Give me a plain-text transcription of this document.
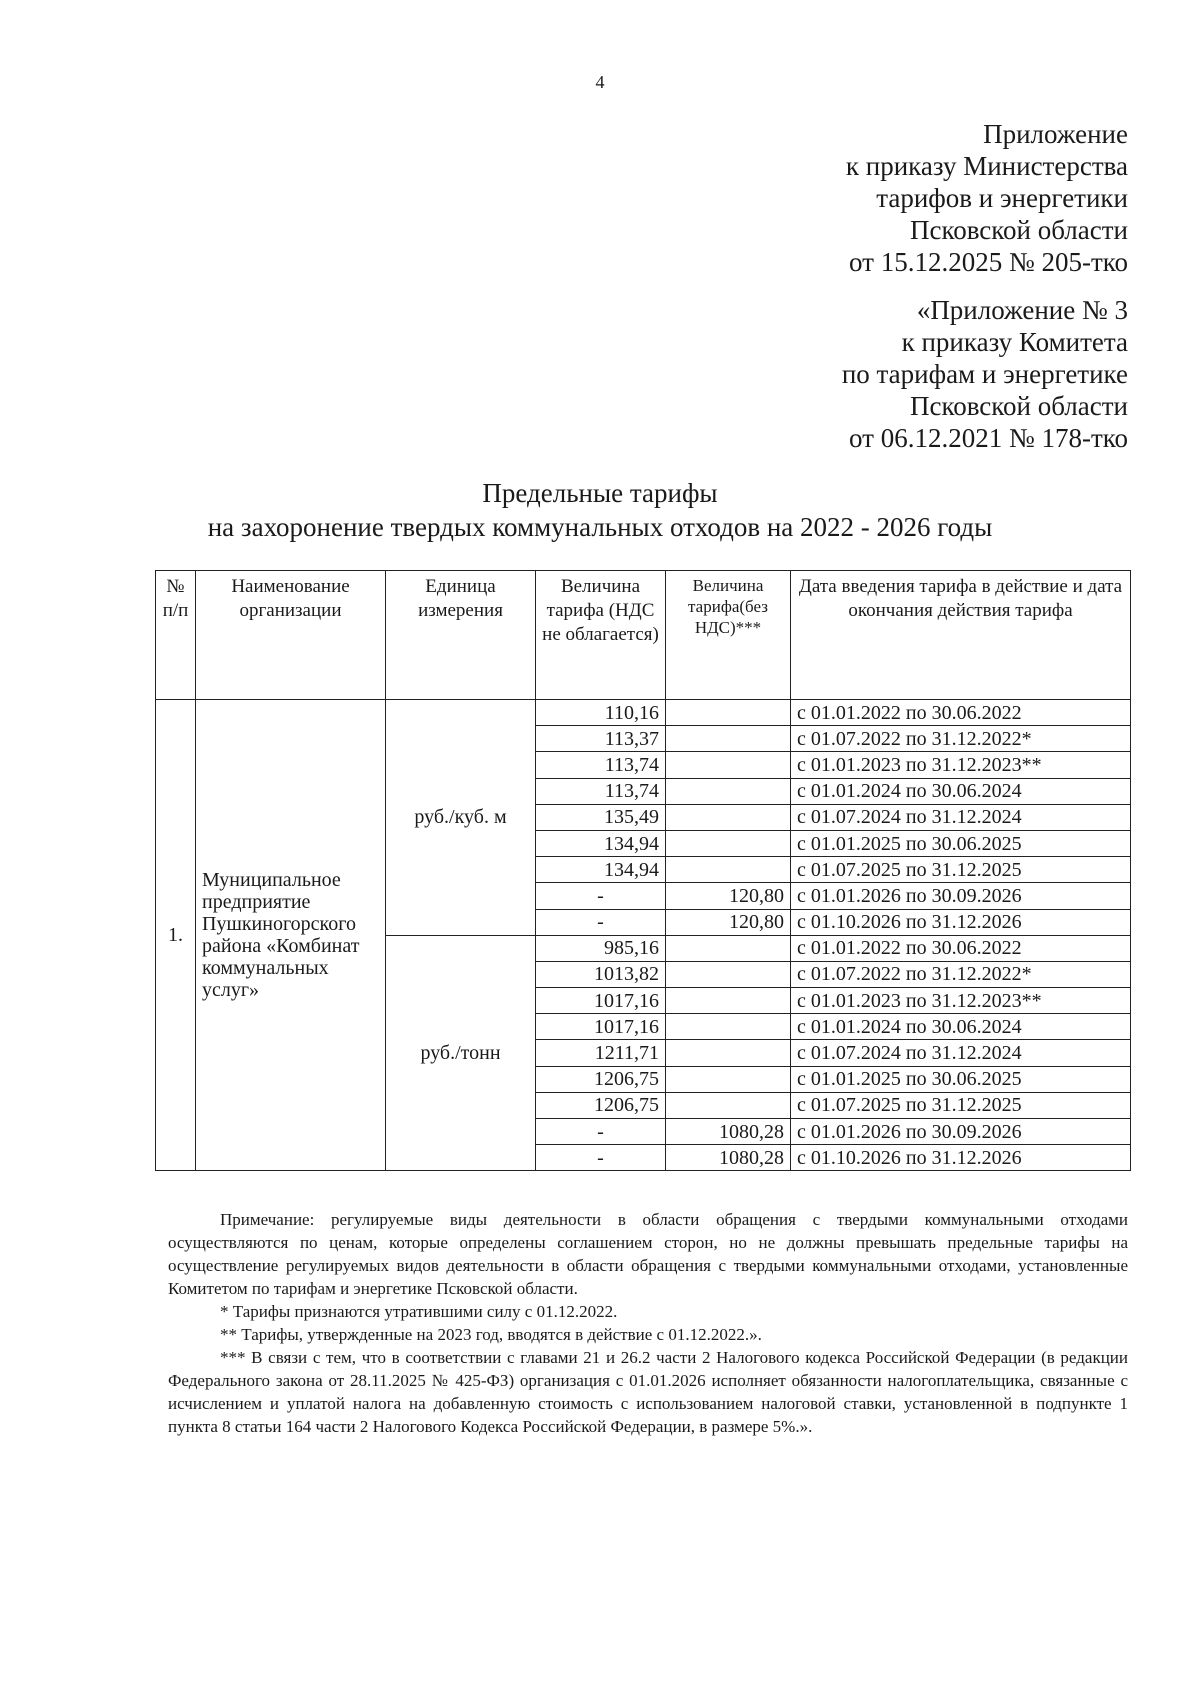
4
Приложение
к приказу Министерства
тарифов и энергетики
Псковской области
от 15.12.2025 № 205-тко
«Приложение № 3
к приказу Комитета
по тарифам и энергетике
Псковской области
от 06.12.2021 № 178-тко
Предельные тарифы
на захоронение твердых коммунальных отходов на 2022 - 2026 годы
№ п/п	Наименование организации	Единица измерения	Величина тарифа (НДС не облагается)	Величина тарифа(без НДС)***	Дата введения тарифа в действие и дата окончания действия тарифа
1.	Муниципальное предприятие Пушкиногорского района «Комбинат коммунальных услуг»	руб./куб. м	110,16		с 01.01.2022 по 30.06.2022
			113,37		с 01.07.2022 по 31.12.2022*
			113,74		с 01.01.2023 по 31.12.2023**
			113,74		с 01.01.2024 по 30.06.2024
			135,49		с 01.07.2024 по 31.12.2024
			134,94		с 01.01.2025 по 30.06.2025
			134,94		с 01.07.2025 по 31.12.2025
			-	120,80	с 01.01.2026 по 30.09.2026
			-	120,80	с 01.10.2026 по 31.12.2026
		руб./тонн	985,16		с 01.01.2022 по 30.06.2022
			1013,82		с 01.07.2022 по 31.12.2022*
			1017,16		с 01.01.2023 по 31.12.2023**
			1017,16		с 01.01.2024 по 30.06.2024
			1211,71		с 01.07.2024 по 31.12.2024
			1206,75		с 01.01.2025 по 30.06.2025
			1206,75		с 01.07.2025 по 31.12.2025
			-	1080,28	с 01.01.2026 по 30.09.2026
			-	1080,28	с 01.10.2026 по 31.12.2026

Примечание: регулируемые виды деятельности в области обращения с твердыми коммунальными отходами осуществляются по ценам, которые определены соглашением сторон, но не должны превышать предельные тарифы на осуществление регулируемых видов деятельности в области обращения с твердыми коммунальными отходами, установленные Комитетом по тарифам и энергетике Псковской области.

* Тарифы признаются утратившими силу с 01.12.2022.

** Тарифы, утвержденные на 2023 год, вводятся в действие с 01.12.2022.».

*** В связи с тем, что в соответствии с главами 21 и 26.2 части 2 Налогового кодекса Российской Федерации (в редакции Федерального закона от 28.11.2025 № 425-ФЗ) организация с 01.01.2026 исполняет обязанности налогоплательщика, связанные с исчислением и уплатой налога на добавленную стоимость с использованием налоговой ставки, установленной в подпункте 1 пункта 8 статьи 164 части 2 Налогового Кодекса Российской Федерации, в размере 5%.».
